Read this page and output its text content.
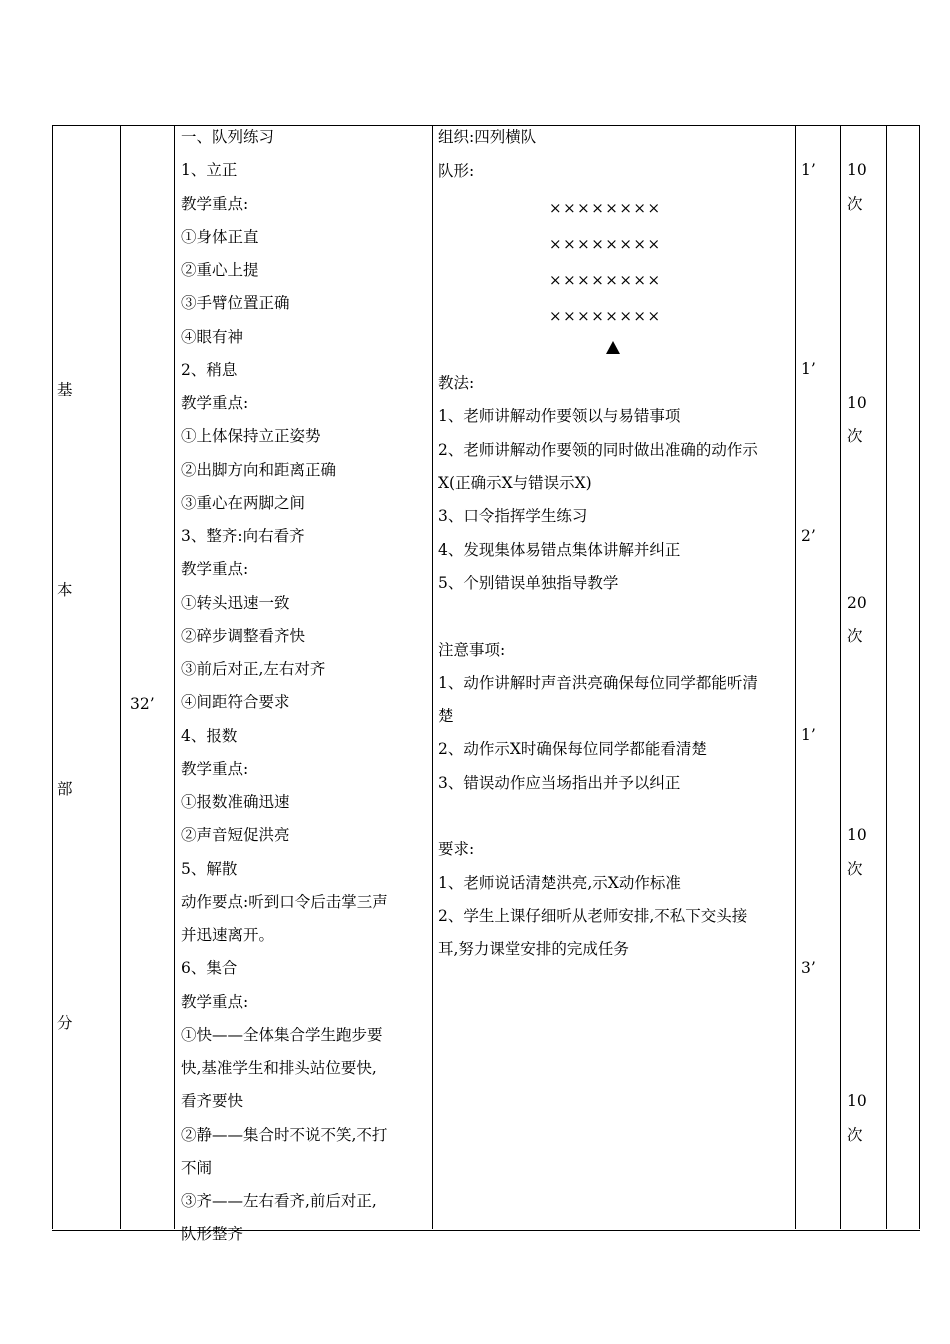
基
本
部
分
32’
一、队列练习
1、立正
教学重点:
①身体正直
②重心上提
③手臂位置正确
④眼有神
2、稍息
教学重点:
①上体保持立正姿势
②出脚方向和距离正确
③重心在两脚之间
3、整齐:向右看齐
教学重点:
①转头迅速一致
②碎步调整看齐快
③前后对正,左右对齐
④间距符合要求
4、报数
教学重点:
①报数准确迅速
②声音短促洪亮
5、解散
动作要点:听到口令后击掌三声
并迅速离开。
6、集合
教学重点:
①快——全体集合学生跑步要
快,基准学生和排头站位要快,
看齐要快
②静——集合时不说不笑,不打
不闹
③齐——左右看齐,前后对正,
队形整齐
组织:四列横队
队形:
××××××××
××××××××
××××××××
××××××××
教法:
1、老师讲解动作要领以与易错事项
2、老师讲解动作要领的同时做出准确的动作示
X(正确示X与错误示X)
3、口令指挥学生练习
4、发现集体易错点集体讲解并纠正
5、个别错误单独指导教学
注意事项:
1、动作讲解时声音洪亮确保每位同学都能听清
楚
2、动作示X时确保每位同学都能看清楚
3、错误动作应当场指出并予以纠正
要求:
1、老师说话清楚洪亮,示X动作标准
2、学生上课仔细听从老师安排,不私下交头接
耳,努力课堂安排的完成任务
1’
1’
2’
1’
3’
10
次
10
次
20
次
10
次
10
次
